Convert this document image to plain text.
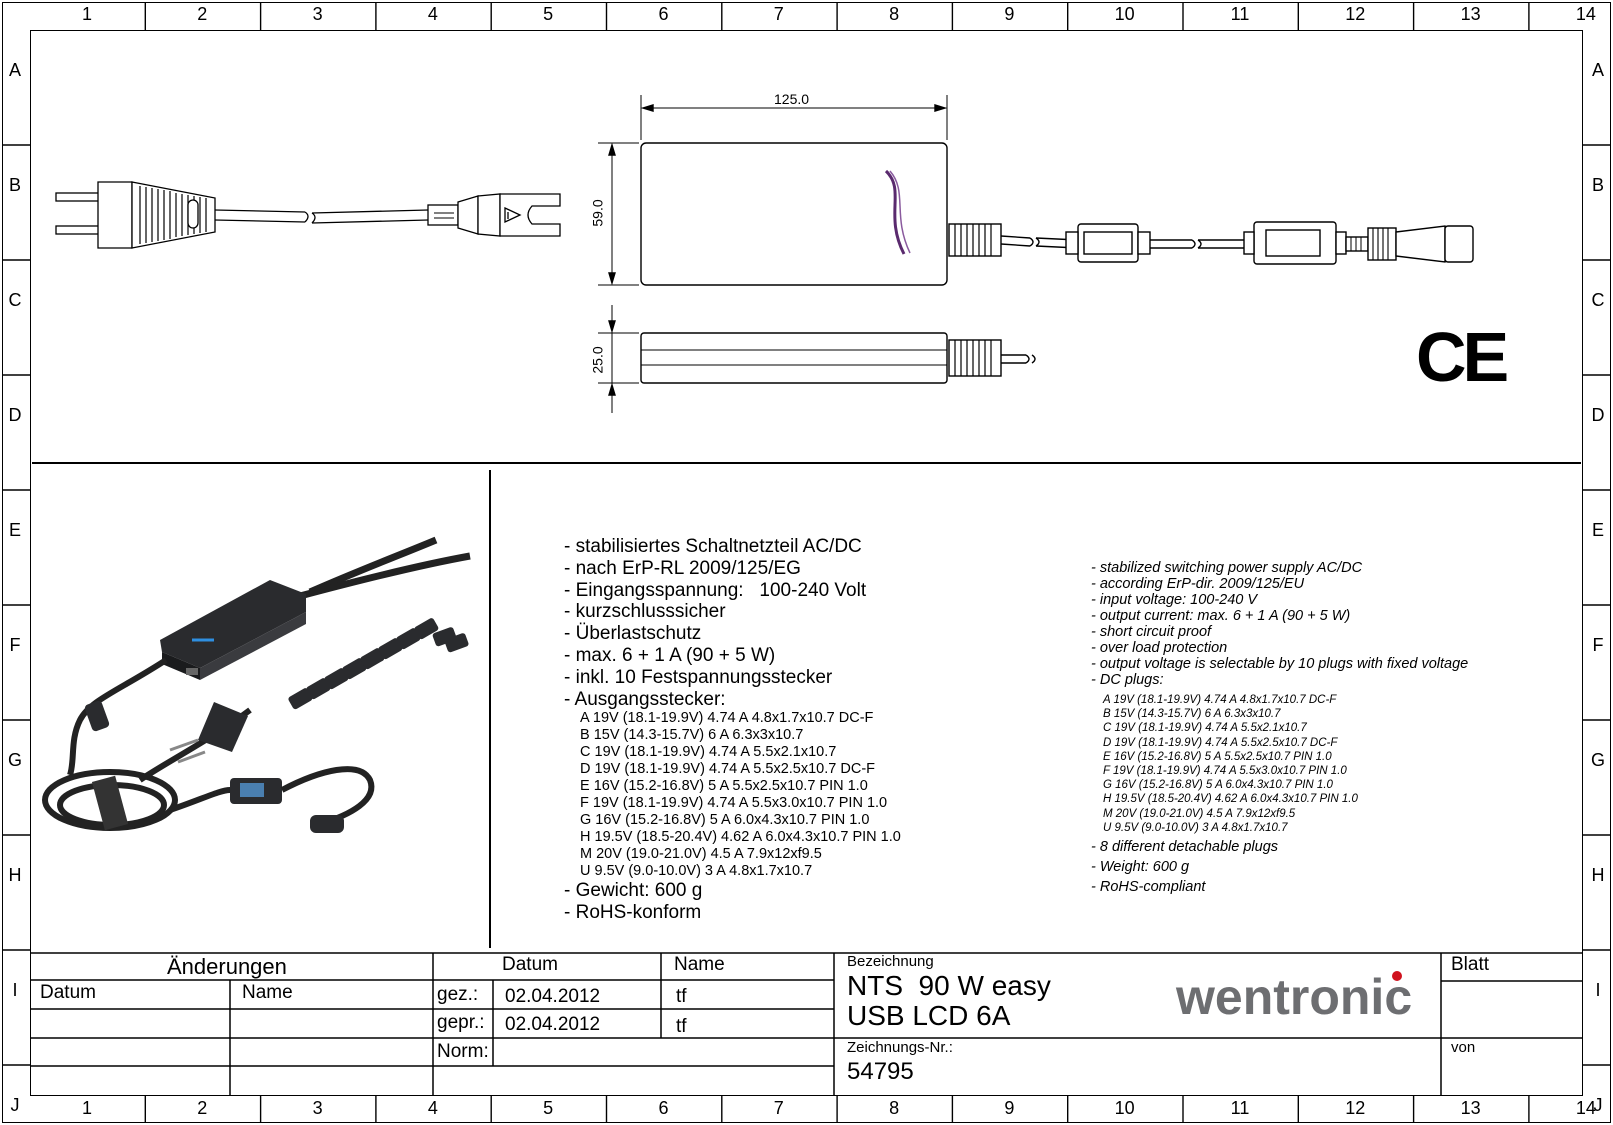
1	2	3	4	5	6	7	8	9	10	11	12	13	14
1	2	3	4	5	6	7	8	9	10	11	12	13	14
A
B
C
D
E
F
G
H
I
J
A
B
C
D
E
F
G
H
I
J
125.0
59.0
25.0	CE
- stabilisiertes Schaltnetzteil AC/DC
- nach ErP-RL 2009/125/EG
- Eingangsspannung:   100-240 Volt
- kurzschlusssicher
- Überlastschutz
- max. 6 + 1 A (90 + 5 W)
- inkl. 10 Festspannungsstecker
- Ausgangsstecker:
A 19V (18.1-19.9V) 4.74 A 4.8x1.7x10.7 DC-F
B 15V (14.3-15.7V) 6 A 6.3x3x10.7
C 19V (18.1-19.9V) 4.74 A 5.5x2.1x10.7
D 19V (18.1-19.9V) 4.74 A 5.5x2.5x10.7 DC-F
E 16V (15.2-16.8V) 5 A 5.5x2.5x10.7 PIN 1.0
F 19V (18.1-19.9V) 4.74 A 5.5x3.0x10.7 PIN 1.0
G 16V (15.2-16.8V) 5 A 6.0x4.3x10.7 PIN 1.0
H 19.5V (18.5-20.4V) 4.62 A 6.0x4.3x10.7 PIN 1.0
M 20V (19.0-21.0V) 4.5 A 7.9x12xf9.5
U 9.5V (9.0-10.0V) 3 A 4.8x1.7x10.7
- Gewicht: 600 g
- RoHS-konform
- stabilized switching power supply AC/DC
- according ErP-dir. 2009/125/EU
- input voltage: 100-240 V
- output current: max. 6 + 1 A (90 + 5 W)
- short circuit proof
- over load protection
- output voltage is selectable by 10 plugs with fixed voltage
- DC plugs:
A 19V (18.1-19.9V) 4.74 A 4.8x1.7x10.7 DC-F
B 15V (14.3-15.7V) 6 A 6.3x3x10.7
C 19V (18.1-19.9V) 4.74 A 5.5x2.1x10.7
D 19V (18.1-19.9V) 4.74 A 5.5x2.5x10.7 DC-F
E 16V (15.2-16.8V) 5 A 5.5x2.5x10.7 PIN 1.0
F 19V (18.1-19.9V) 4.74 A 5.5x3.0x10.7 PIN 1.0
G 16V (15.2-16.8V) 5 A 6.0x4.3x10.7 PIN 1.0
H 19.5V (18.5-20.4V) 4.62 A 6.0x4.3x10.7 PIN 1.0
M 20V (19.0-21.0V) 4.5 A 7.9x12xf9.5
U 9.5V (9.0-10.0V) 3 A 4.8x1.7x10.7
- 8 different detachable plugs
- Weight: 600 g
- RoHS-compliant
Änderungen
Datum	Name
Datum	Name
gez.: 02.04.2012	tf
gepr.: 02.04.2012	tf
Norm:
Bezeichnung
NTS  90 W easy
USB LCD 6A	wentronic
Zeichnungs-Nr.:
54795
Blatt
von
